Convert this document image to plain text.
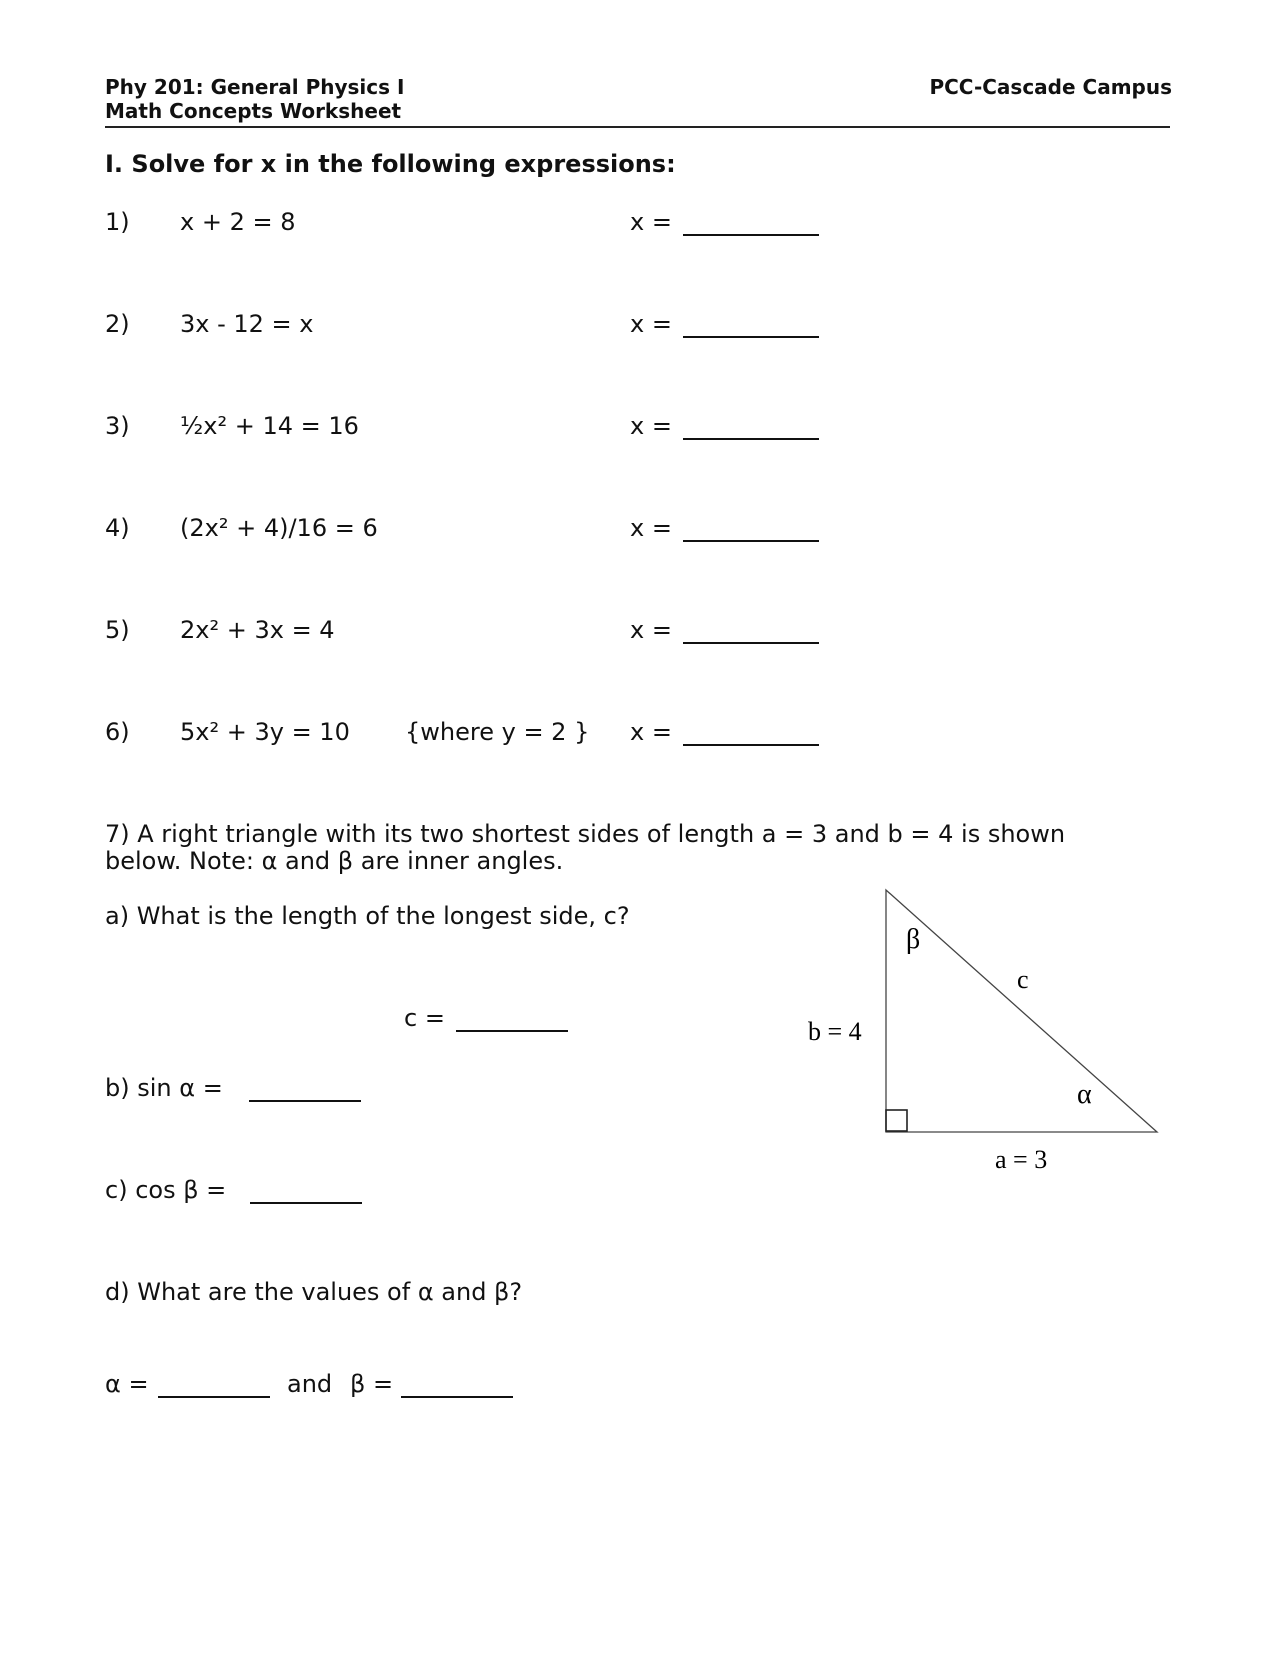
Phy 201: General Physics I
Math Concepts Worksheet
PCC-Cascade Campus
I. Solve for x in the following expressions:
1) x + 2 = 8	x =
2) 3x - 12 = x	x =
3) ½x² + 14 = 16	x =
4) (2x² + 4)/16 = 6	x =
5) 2x² + 3x = 4	x =
6) 5x² + 3y = 10 {where y = 2 } x =
7) A right triangle with its two shortest sides of length a = 3 and b = 4 is shown
below. Note: α and β are inner angles.
a) What is the length of the longest side, c?
c =
b) sin α =
c) cos β =
d) What are the values of α and β?
α =	and β =
β
c
b = 4
α
a = 3
